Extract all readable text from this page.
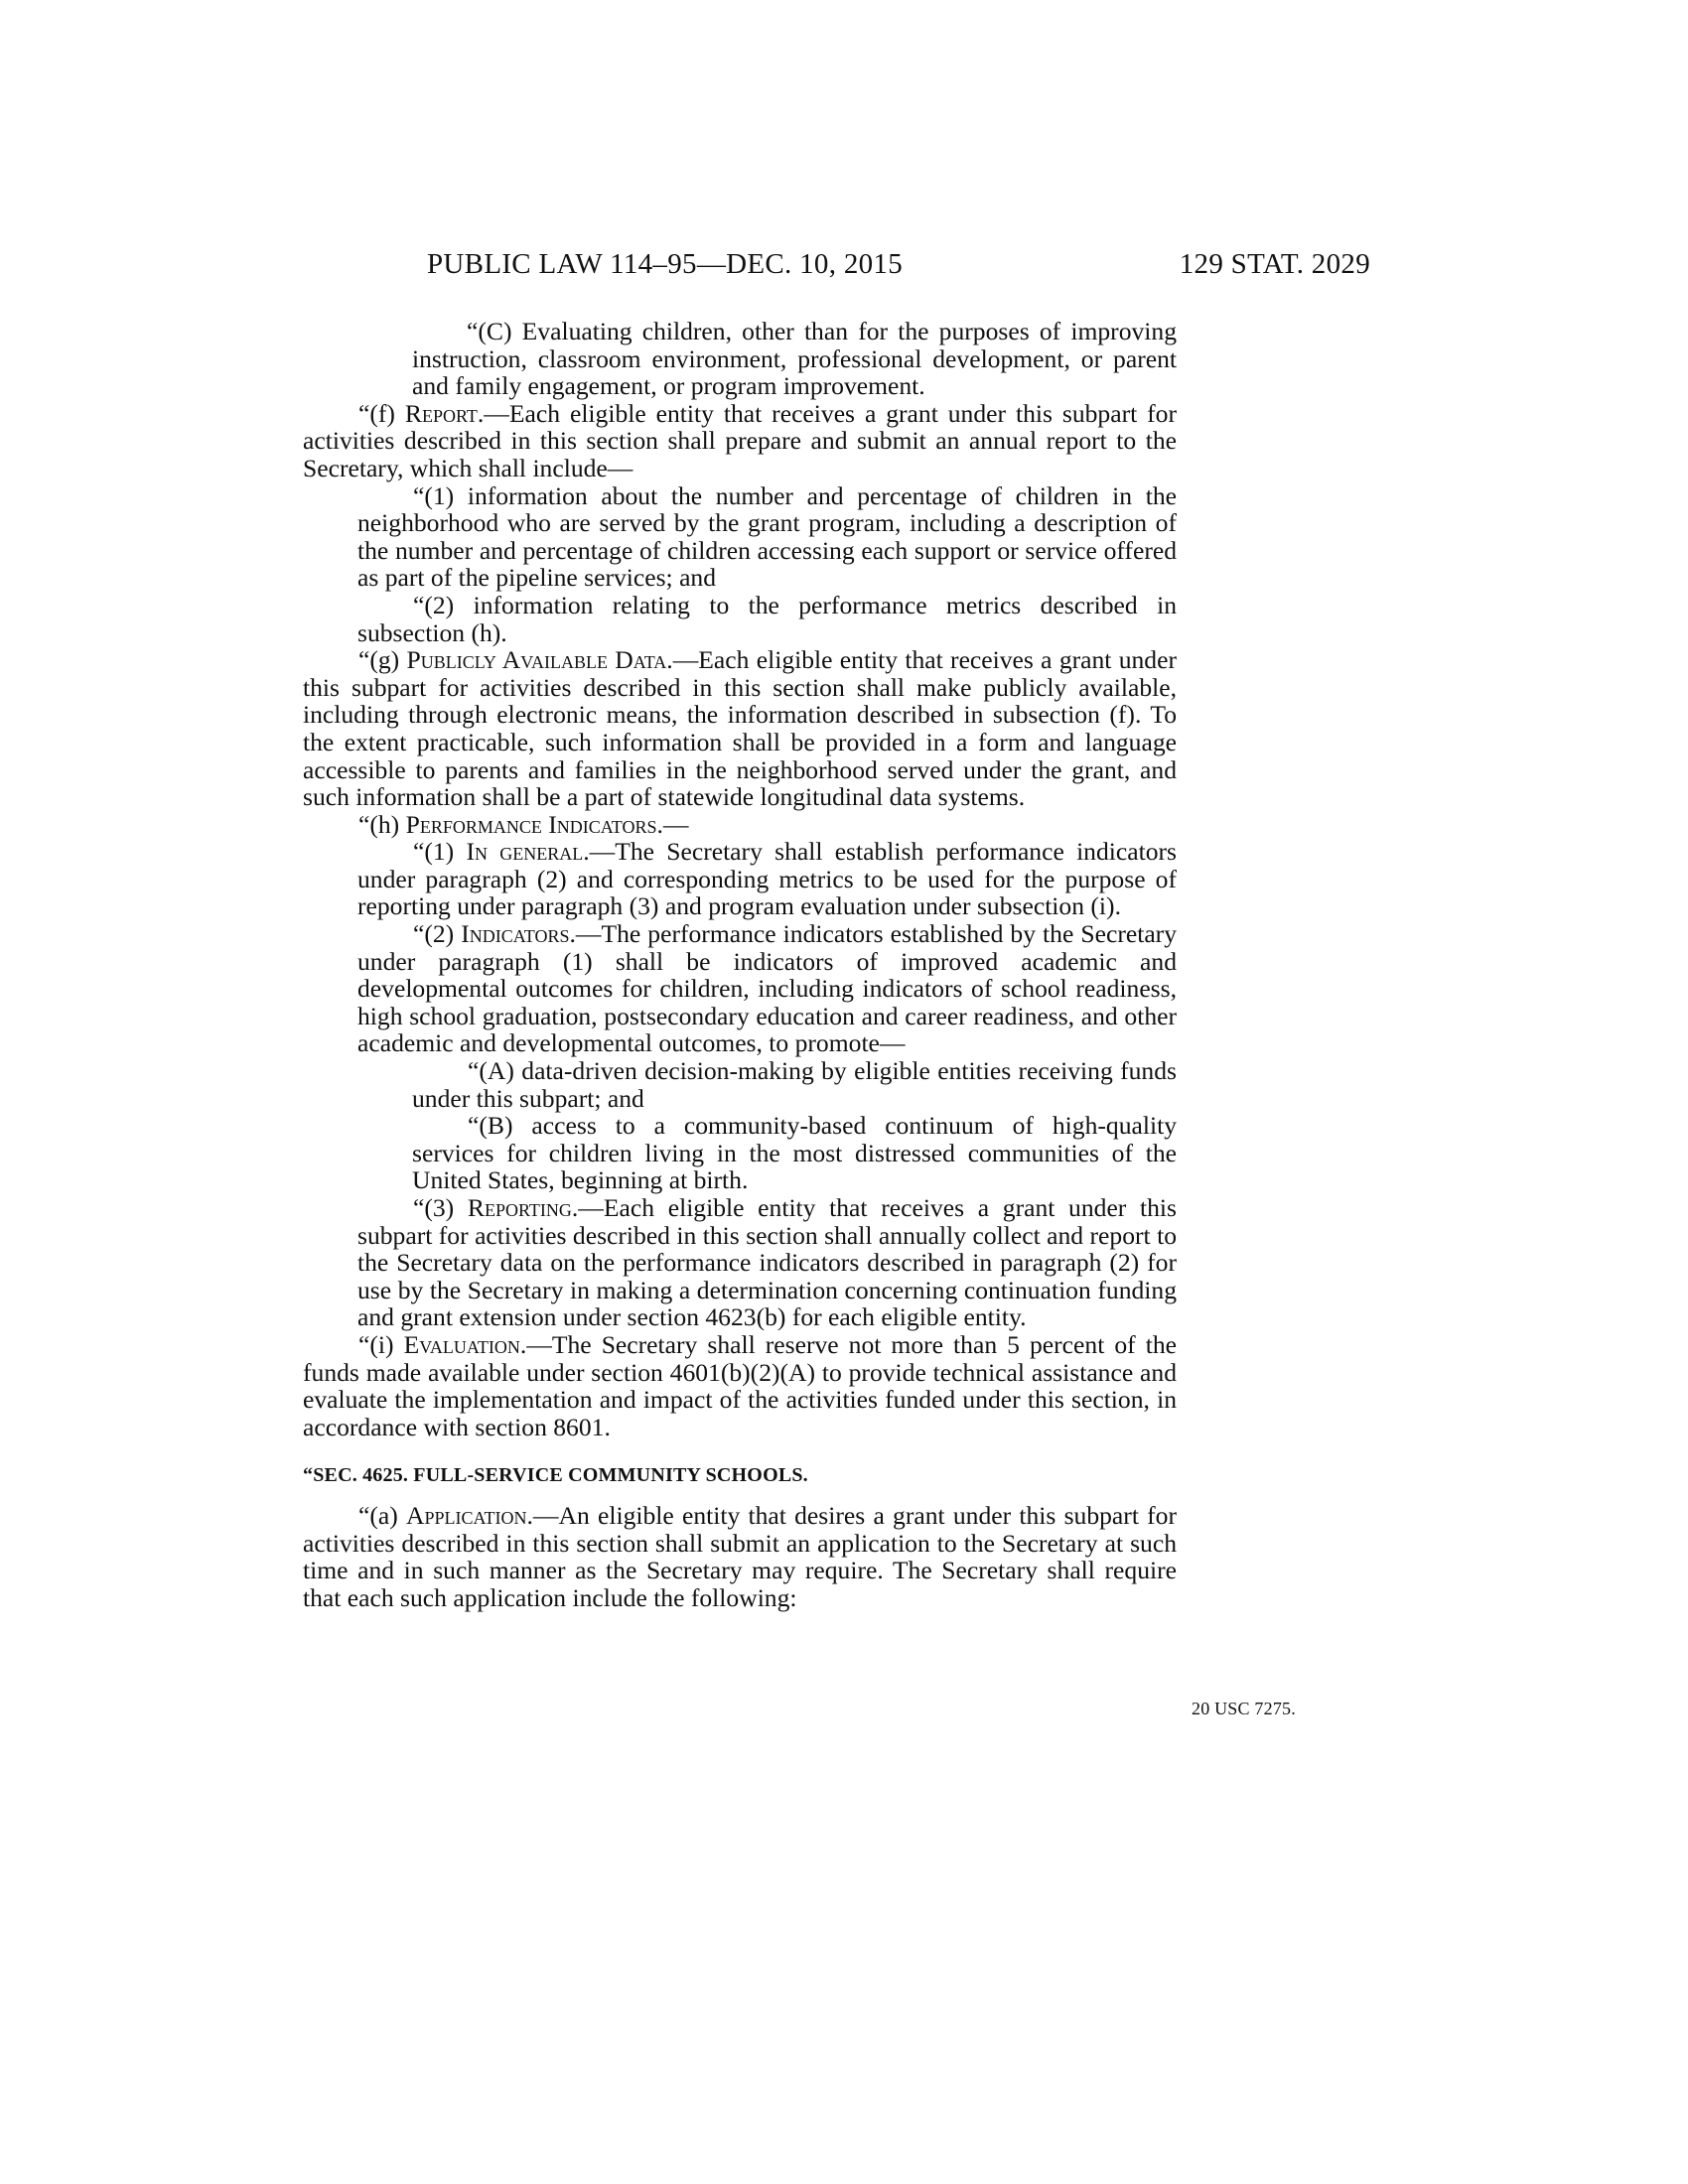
PUBLIC LAW 114–95—DEC. 10, 2015	129 STAT. 2029

“(C) Evaluating children, other than for the purposes of improving instruction, classroom environment, professional development, or parent and family engagement, or program improvement.

“(f) Report.—Each eligible entity that receives a grant under this subpart for activities described in this section shall prepare and submit an annual report to the Secretary, which shall include—

“(1) information about the number and percentage of children in the neighborhood who are served by the grant program, including a description of the number and percentage of children accessing each support or service offered as part of the pipeline services; and

“(2) information relating to the performance metrics described in subsection (h).

“(g) Publicly Available Data.—Each eligible entity that receives a grant under this subpart for activities described in this section shall make publicly available, including through electronic means, the information described in subsection (f). To the extent practicable, such information shall be provided in a form and language accessible to parents and families in the neighborhood served under the grant, and such information shall be a part of statewide longitudinal data systems.

“(h) Performance Indicators.—

“(1) In general.—The Secretary shall establish performance indicators under paragraph (2) and corresponding metrics to be used for the purpose of reporting under paragraph (3) and program evaluation under subsection (i).

“(2) Indicators.—The performance indicators established by the Secretary under paragraph (1) shall be indicators of improved academic and developmental outcomes for children, including indicators of school readiness, high school graduation, postsecondary education and career readiness, and other academic and developmental outcomes, to promote—

“(A) data-driven decision-making by eligible entities receiving funds under this subpart; and

“(B) access to a community-based continuum of high-quality services for children living in the most distressed communities of the United States, beginning at birth.

“(3) Reporting.—Each eligible entity that receives a grant under this subpart for activities described in this section shall annually collect and report to the Secretary data on the performance indicators described in paragraph (2) for use by the Secretary in making a determination concerning continuation funding and grant extension under section 4623(b) for each eligible entity.

“(i) Evaluation.—The Secretary shall reserve not more than 5 percent of the funds made available under section 4601(b)(2)(A) to provide technical assistance and evaluate the implementation and impact of the activities funded under this section, in accordance with section 8601.

“SEC. 4625. FULL-SERVICE COMMUNITY SCHOOLS.

“(a) Application.—An eligible entity that desires a grant under this subpart for activities described in this section shall submit an application to the Secretary at such time and in such manner as the Secretary may require. The Secretary shall require that each such application include the following:

20 USC 7275.
